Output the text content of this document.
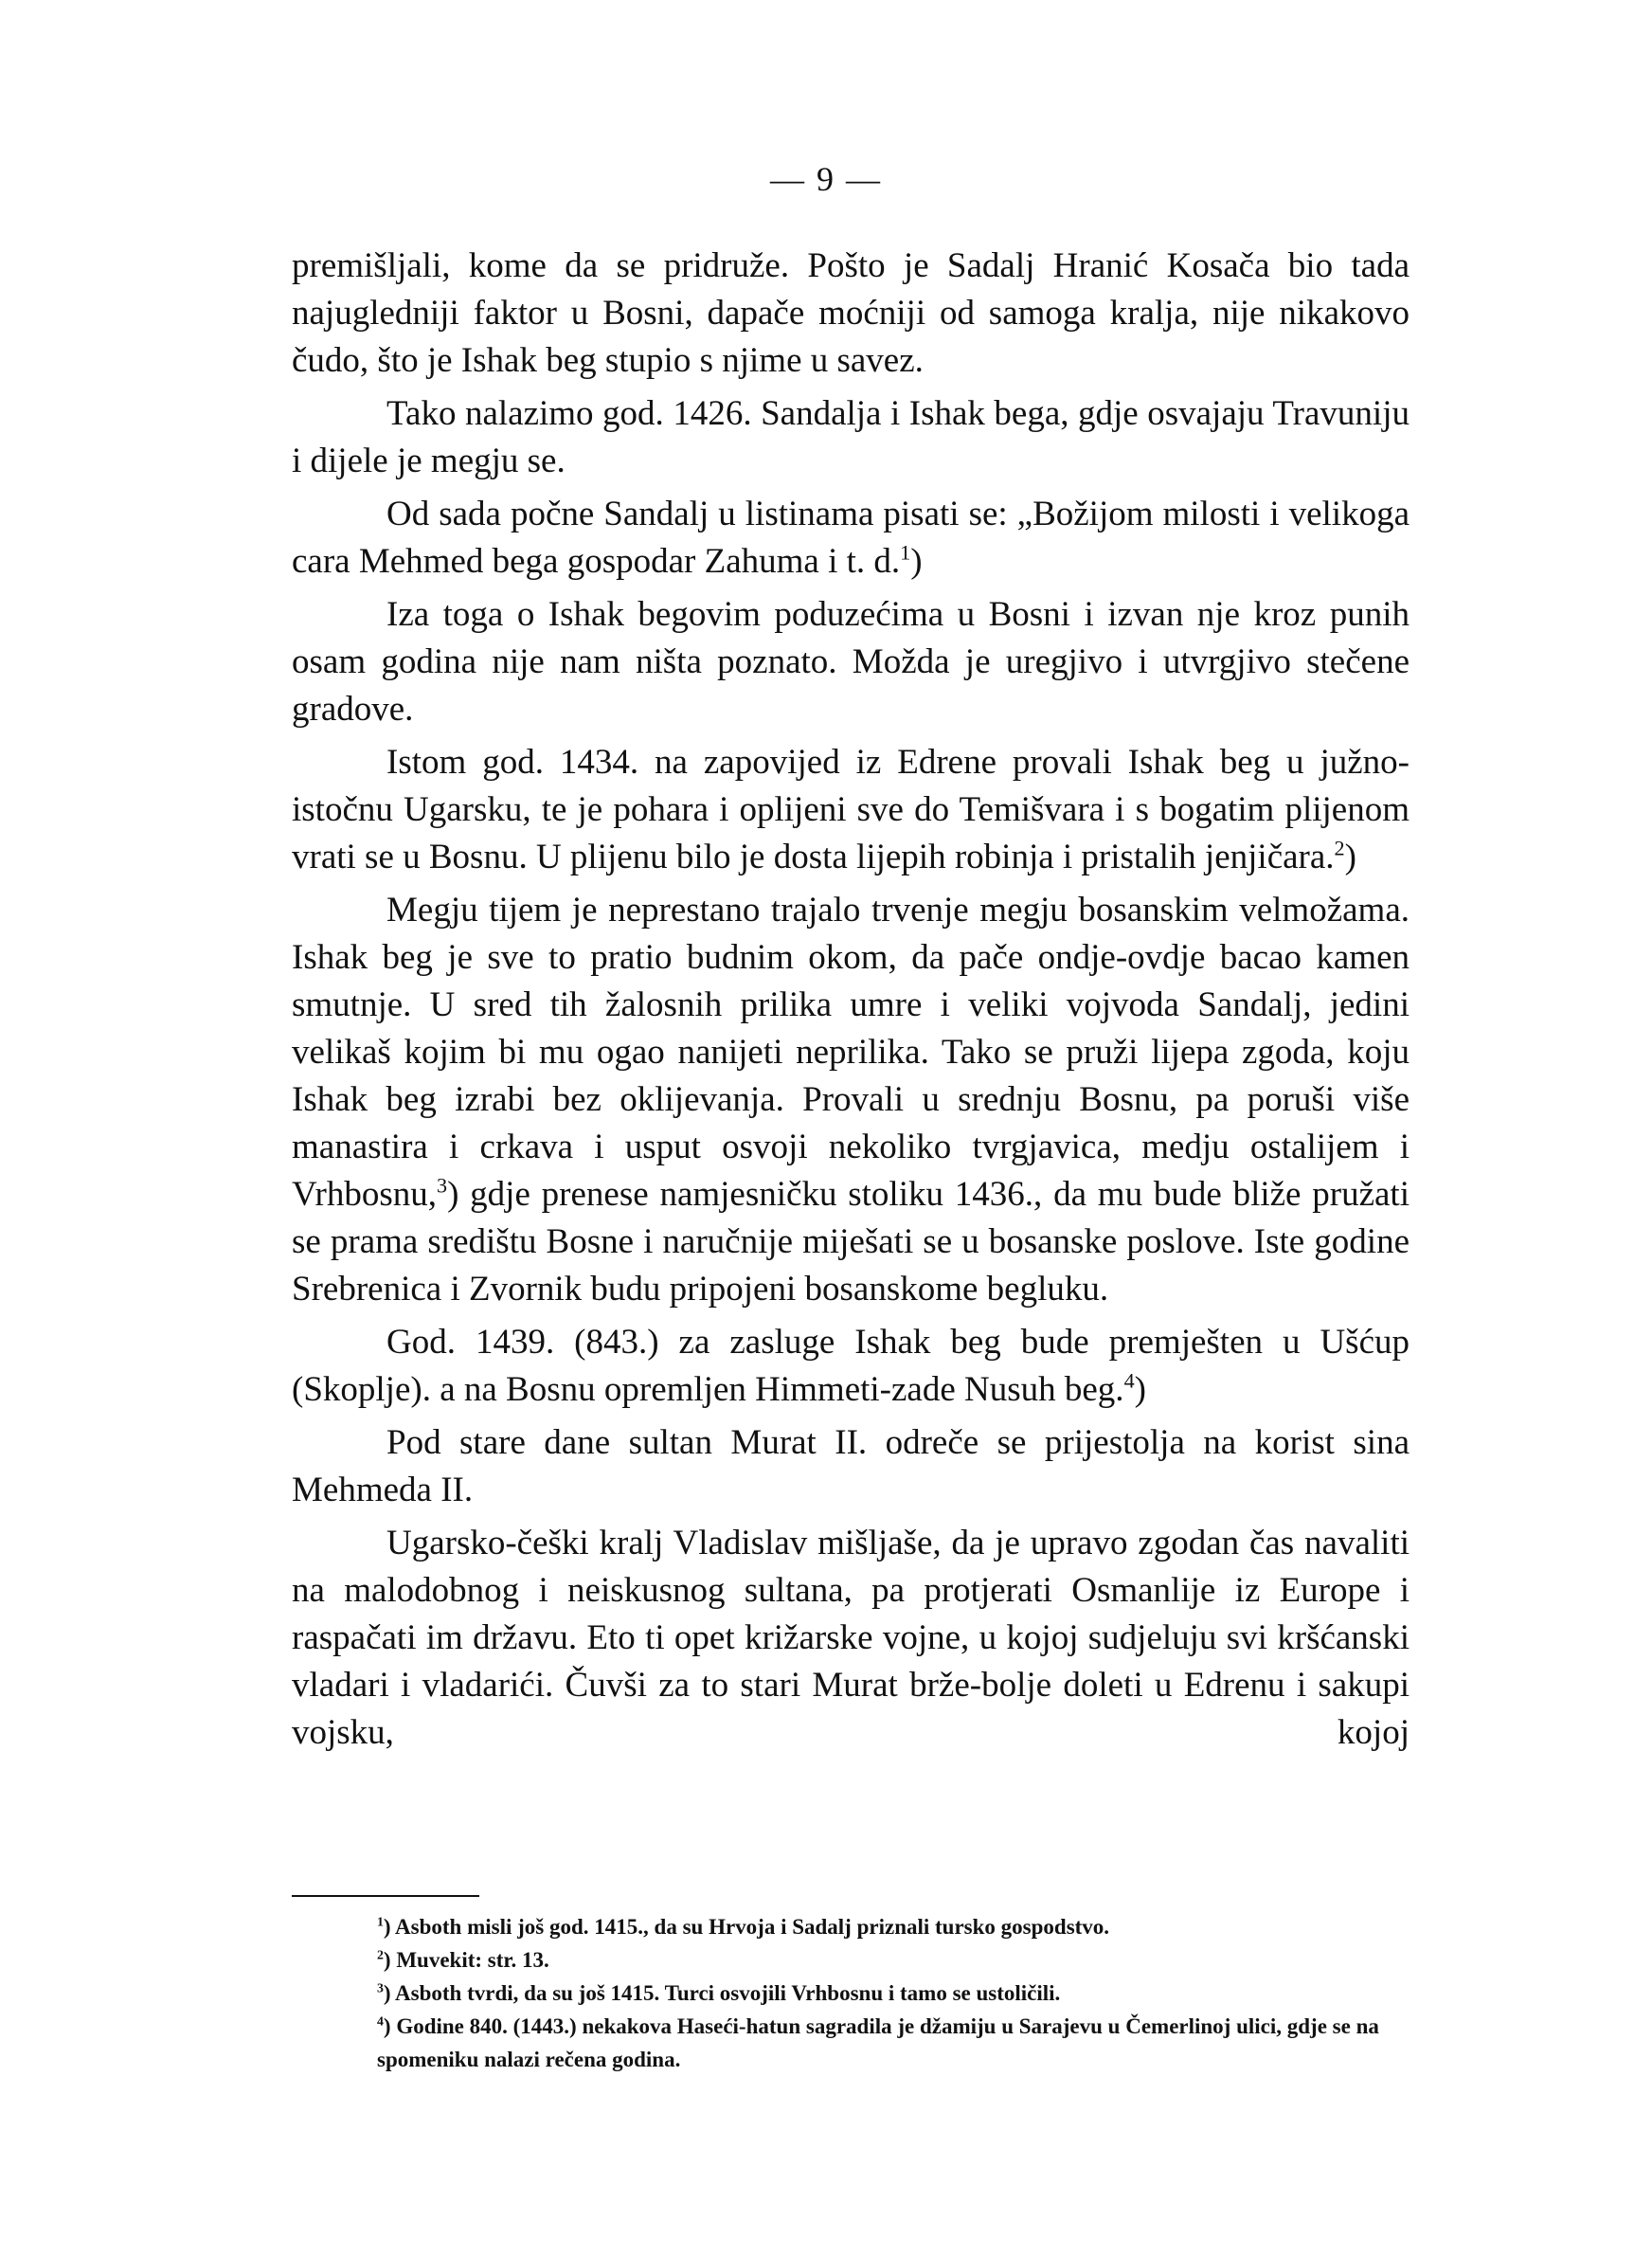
— 9 —

premišljali, kome da se pridruže. Pošto je Sadalj Hranić Kosača bio tada najugledniji faktor u Bosni, dapače moćniji od samoga kralja, nije nikakovo čudo, što je Ishak beg stupio s njime u savez.

Tako nalazimo god. 1426. Sandalja i Ishak bega, gdje osvajaju Travuniju i dijele je megju se.

Od sada počne Sandalj u listinama pisati se: „Božijom milosti i velikoga cara Mehmed bega gospodar Zahuma i t. d.$^1$)

Iza toga o Ishak begovim poduzećima u Bosni i izvan nje kroz punih osam godina nije nam ništa poznato. Možda je uregjivo i utvrgjivo stečene gradove.

Istom god. 1434. na zapovijed iz Edrene provali Ishak beg u južno-istočnu Ugarsku, te je pohara i oplijeni sve do Temišvara i s bogatim plijenom vrati se u Bosnu. U plijenu bilo je dosta lijepih robinja i pristalih jenjičara.$^2$)

Megju tijem je neprestano trajalo trvenje megju bosanskim velmožama. Ishak beg je sve to pratio budnim okom, da pače ondje-ovdje bacao kamen smutnje. U sred tih žalosnih prilika umre i veliki vojvoda Sandalj, jedini velikaš kojim bi mu ogao nanijeti neprilika. Tako se pruži lijepa zgoda, koju Ishak beg izrabi bez oklijevanja. Provali u srednju Bosnu, pa poruši više manastira i crkava i usput osvoji nekoliko tvrgjavica, medju ostalijem i Vrhbosnu,$^3$) gdje prenese namjesničku stoliku 1436., da mu bude bliže pružati se prama središtu Bosne i naručnije miješati se u bosanske poslove. Iste godine Srebrenica i Zvornik budu pripojeni bosanskome begluku.

God. 1439. (843.) za zasluge Ishak beg bude premješten u Ušćup (Skoplje). a na Bosnu opremljen Himmeti-zade Nusuh beg.$^4$)

Pod stare dane sultan Murat II. odreče se prijestolja na korist sina Mehmeda II.

Ugarsko-češki kralj Vladislav mišljaše, da je upravo zgodan čas navaliti na malodobnog i neiskusnog sultana, pa protjerati Osmanlije iz Europe i raspačati im državu. Eto ti opet križarske vojne, u kojoj sudjeluju svi kršćanski vladari i vladarići. Čuvši za to stari Murat brže-bolje doleti u Edrenu i sakupi vojsku, kojoj

$^1$) Asboth misli još god. 1415., da su Hrvoja i Sadalj priznali tursko gospodstvo.

$^2$) Muvekit: str. 13.

$^3$) Asboth tvrdi, da su još 1415. Turci osvojili Vrhbosnu i tamo se ustoličili.

$^4$) Godine 840. (1443.) nekakova Haseći-hatun sagradila je džamiju u Sarajevu u Čemerlinoj ulici, gdje se na spomeniku nalazi rečena godina.
